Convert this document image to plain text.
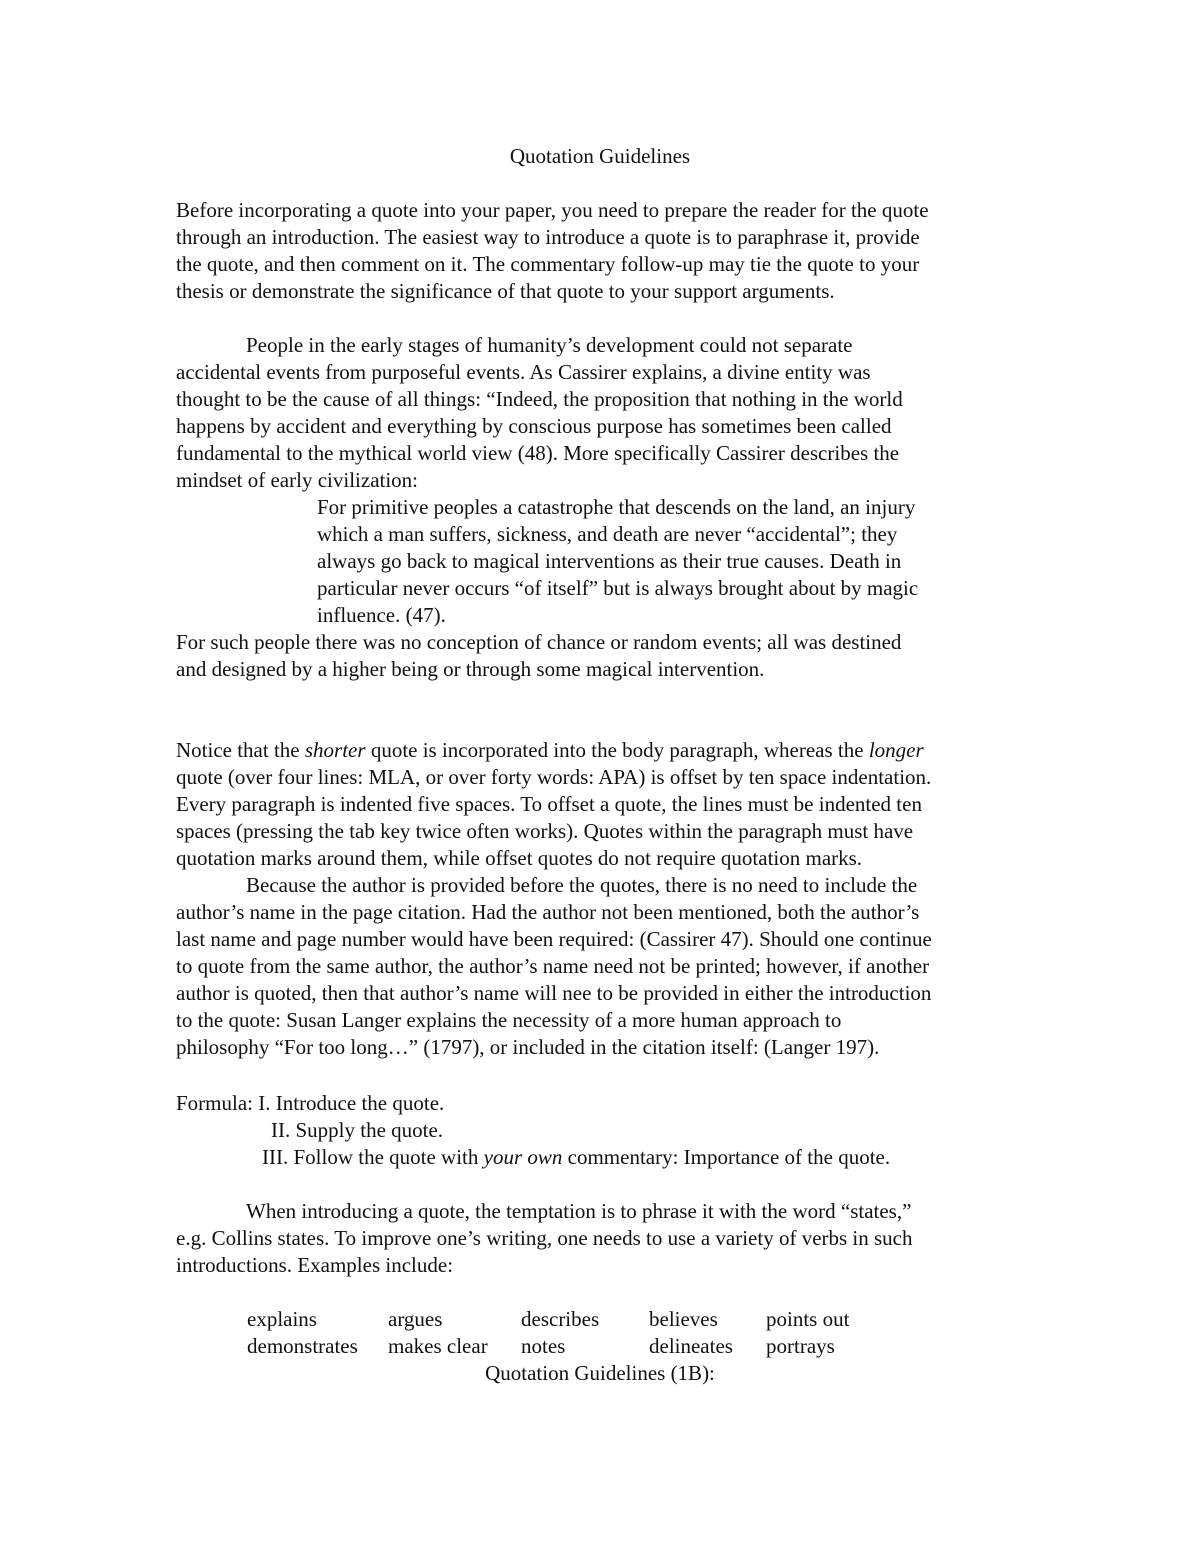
Quotation Guidelines

Before incorporating a quote into your paper, you need to prepare the reader for the quote

through an introduction. The easiest way to introduce a quote is to paraphrase it, provide

the quote, and then comment on it. The commentary follow-up may tie the quote to your

thesis or demonstrate the significance of that quote to your support arguments.

People in the early stages of humanity’s development could not separate

accidental events from purposeful events. As Cassirer explains, a divine entity was

thought to be the cause of all things: “Indeed, the proposition that nothing in the world

happens by accident and everything by conscious purpose has sometimes been called

fundamental to the mythical world view (48). More specifically Cassirer describes the

mindset of early civilization:

For primitive peoples a catastrophe that descends on the land, an injury

which a man suffers, sickness, and death are never “accidental”; they

always go back to magical interventions as their true causes. Death in

particular never occurs “of itself” but is always brought about by magic

influence. (47).

For such people there was no conception of chance or random events; all was destined

and designed by a higher being or through some magical intervention.

Notice that the shorter quote is incorporated into the body paragraph, whereas the longer

quote (over four lines: MLA, or over forty words: APA) is offset by ten space indentation.

Every paragraph is indented five spaces. To offset a quote, the lines must be indented ten

spaces (pressing the tab key twice often works). Quotes within the paragraph must have

quotation marks around them, while offset quotes do not require quotation marks.

Because the author is provided before the quotes, there is no need to include the

author’s name in the page citation. Had the author not been mentioned, both the author’s

last name and page number would have been required: (Cassirer 47). Should one continue

to quote from the same author, the author’s name need not be printed; however, if another

author is quoted, then that author’s name will nee to be provided in either the introduction

to the quote: Susan Langer explains the necessity of a more human approach to

philosophy “For too long…” (1797), or included in the citation itself: (Langer 197).

Formula: I. Introduce the quote.

II. Supply the quote.

III. Follow the quote with your own commentary: Importance of the quote.

When introducing a quote, the temptation is to phrase it with the word “states,”

e.g. Collins states. To improve one’s writing, one needs to use a variety of verbs in such

introductions. Examples include:

explains	argues	describes	believes	points out
demonstrates	makes clear	notes	delineates	portrays

Quotation Guidelines (1B):
